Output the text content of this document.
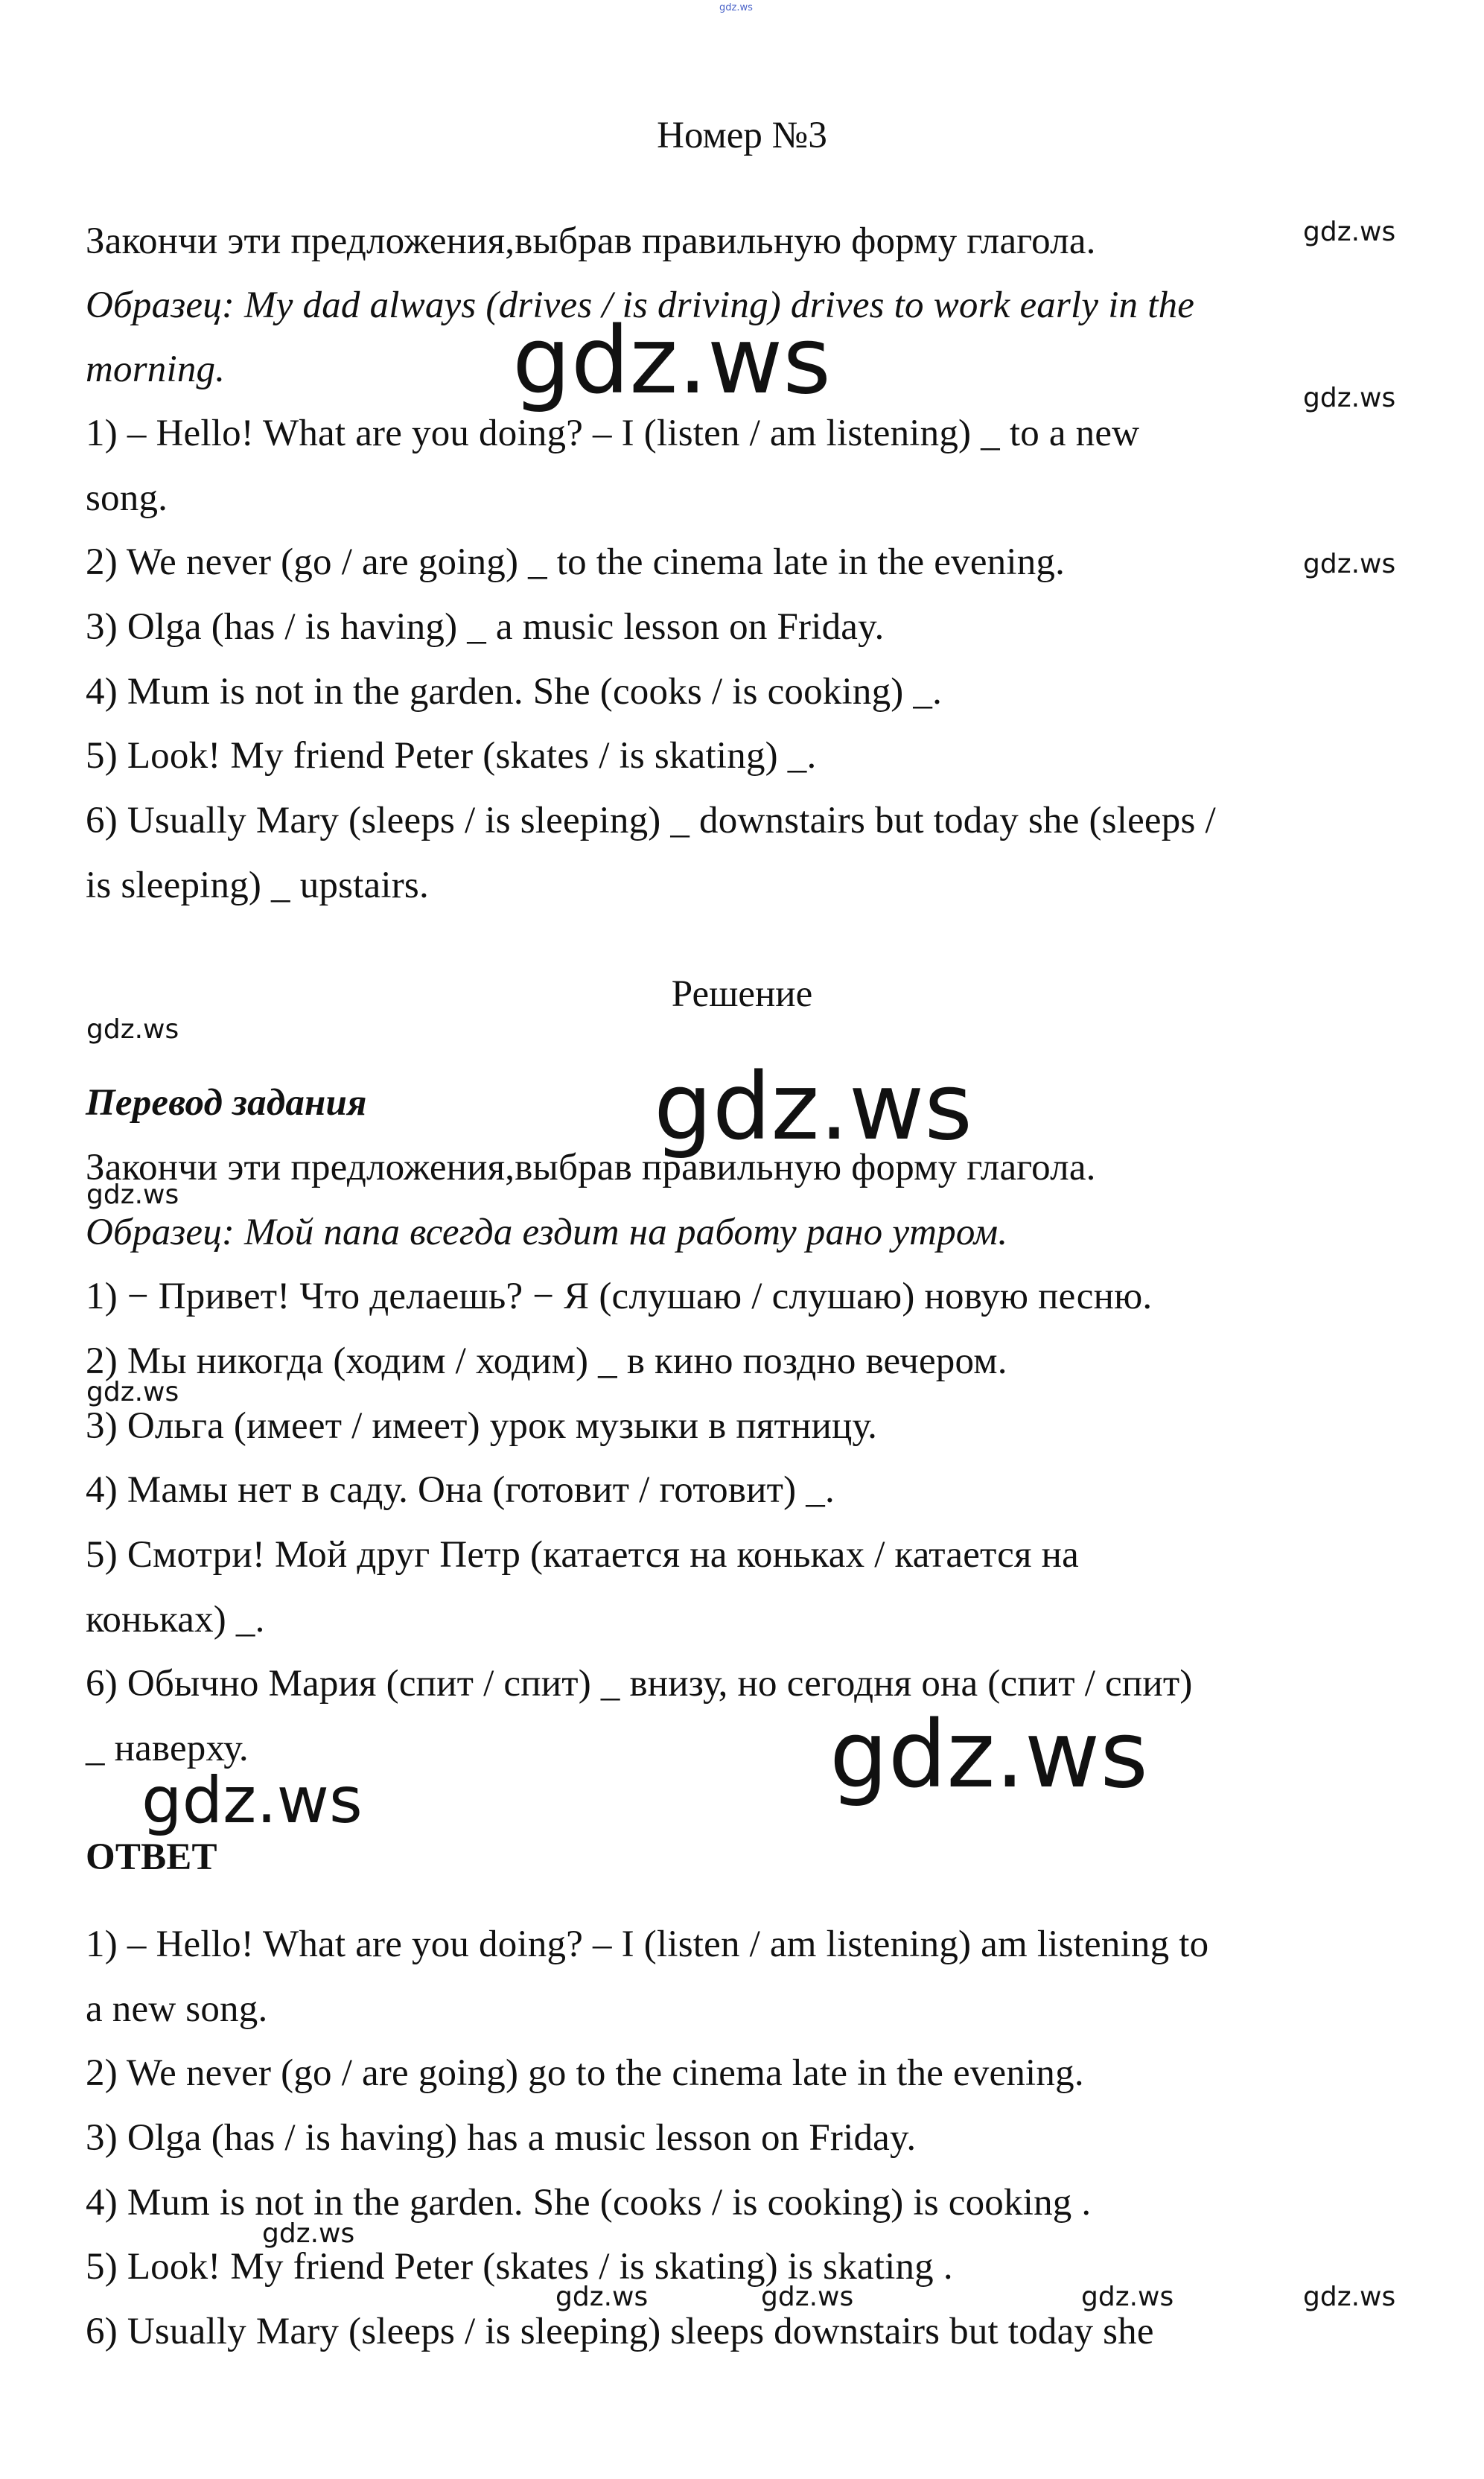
gdz.ws
Номер №3
Закончи эти предложения,выбрав правильную форму глагола.
Образец: My dad always (drives / is driving) drives to work early in the
morning.
1) – Hello! What are you doing? – I (listen / am listening) _ to a new
song.
2) We never (go / are going) _ to the cinema late in the evening.
3) Olga (has / is having) _ a music lesson on Friday.
4) Mum is not in the garden. She (cooks / is cooking) _.
5) Look! My friend Peter (skates / is skating) _.
6) Usually Mary (sleeps / is sleeping) _ downstairs but today she (sleeps /
is sleeping) _ upstairs.
Решение
Перевод задания
Закончи эти предложения,выбрав правильную форму глагола.
Образец: Мой папа всегда ездит на работу рано утром.
1) − Привет! Что делаешь? − Я (слушаю / слушаю) новую песню.
2) Мы никогда (ходим / ходим) _ в кино поздно вечером.
3) Ольга (имеет / имеет) урок музыки в пятницу.
4) Мамы нет в саду. Она (готовит / готовит) _.
5) Смотри! Мой друг Петр (катается на коньках / катается на
коньках) _.
6) Обычно Мария (спит / спит) _ внизу, но сегодня она (спит / спит)
_ наверху.
ОТВЕТ
1) – Hello! What are you doing? – I (listen / am listening) am listening to
a new song.
2) We never (go / are going) go to the cinema late in the evening.
3) Olga (has / is having) has a music lesson on Friday.
4) Mum is not in the garden. She (cooks / is cooking) is cooking .
5) Look! My friend Peter (skates / is skating) is skating .
6) Usually Mary (sleeps / is sleeping) sleeps downstairs but today she
gdz.ws
gdz.ws	gdz.ws
gdz.ws
gdz.ws
gdz.ws
gdz.ws
gdz.ws
gdz.ws
gdz.ws
gdz.ws
gdz.ws	gdz.ws	gdz.ws	gdz.ws
